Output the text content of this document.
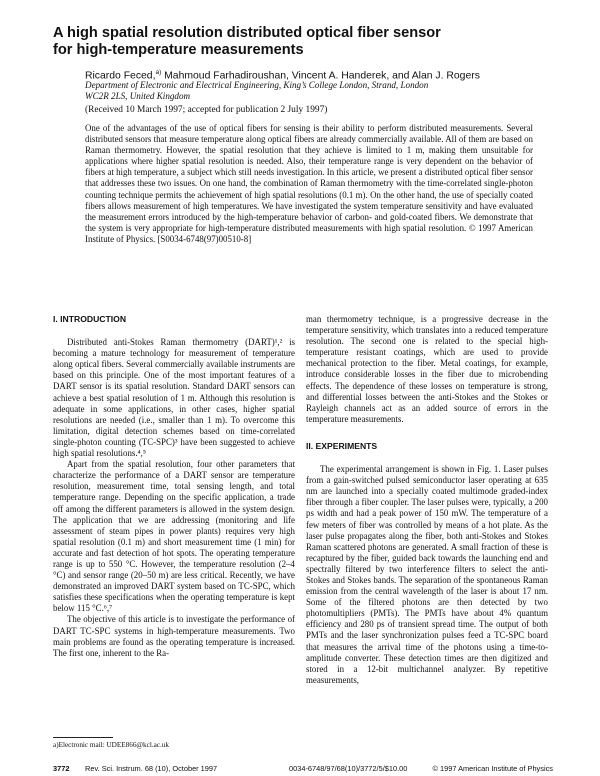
A high spatial resolution distributed optical fiber sensor
for high-temperature measurements
Ricardo Feced,$^{a)}$ Mahmoud Farhadiroushan, Vincent A. Handerek, and Alan J. Rogers
Department of Electronic and Electrical Engineering, King’s College London, Strand, London
WC2R 2LS, United Kingdom
(Received 10 March 1997; accepted for publication 2 July 1997)
One of the advantages of the use of optical fibers for sensing is their ability to perform distributed measurements. Several distributed sensors that measure temperature along optical fibers are already commercially available. All of them are based on Raman thermometry. However, the spatial resolution that they achieve is limited to 1 m, making them unsuitable for applications where higher spatial resolution is needed. Also, their temperature range is very dependent on the behavior of fibers at high temperature, a subject which still needs investigation. In this article, we present a distributed optical fiber sensor that addresses these two issues. On one hand, the combination of Raman thermometry with the time-correlated single-photon counting technique permits the achievement of high spatial resolutions (0.1 m). On the other hand, the use of specially coated fibers allows measurement of high temperatures. We have investigated the system temperature sensitivity and have evaluated the measurement errors introduced by the high-temperature behavior of carbon- and gold-coated fibers. We demonstrate that the system is very appropriate for high-temperature distributed measurements with high spatial resolution. © 1997 American Institute of Physics. [S0034-6748(97)00510-8]
I. INTRODUCTION

Distributed anti-Stokes Raman thermometry (DART)¹,² is becoming a mature technology for measurement of temperature along optical fibers. Several commercially available instruments are based on this principle. One of the most important features of a DART sensor is its spatial resolution. Standard DART sensors can achieve a best spatial resolution of 1 m. Although this resolution is adequate in some applications, in other cases, higher spatial resolutions are needed (i.e., smaller than 1 m). To overcome this limitation, digital detection schemes based on time-correlated single-photon counting (TC-SPC)³ have been suggested to achieve high spatial resolutions.⁴,⁵

Apart from the spatial resolution, four other parameters that characterize the performance of a DART sensor are temperature resolution, measurement time, total sensing length, and total temperature range. Depending on the specific application, a trade off among the different parameters is allowed in the system design. The application that we are addressing (monitoring and life assessment of steam pipes in power plants) requires very high spatial resolution (0.1 m) and short measurement time (1 min) for accurate and fast detection of hot spots. The operating temperature range is up to 550 °C. However, the temperature resolution (2–4 °C) and sensor range (20–50 m) are less critical. Recently, we have demonstrated an improved DART system based on TC-SPC, which satisfies these specifications when the operating temperature is kept below 115 °C.⁶,⁷

The objective of this article is to investigate the performance of DART TC-SPC systems in high-temperature measurements. Two main problems are found as the operating temperature is increased. The first one, inherent to the Ra-

man thermometry technique, is a progressive decrease in the temperature sensitivity, which translates into a reduced temperature resolution. The second one is related to the special high-temperature resistant coatings, which are used to provide mechanical protection to the fiber. Metal coatings, for example, introduce considerable losses in the fiber due to microbending effects. The dependence of these losses on temperature is strong, and differential losses between the anti-Stokes and the Stokes or Rayleigh channels act as an added source of errors in the temperature measurements.

II. EXPERIMENTS

The experimental arrangement is shown in Fig. 1. Laser pulses from a gain-switched pulsed semiconductor laser operating at 635 nm are launched into a specially coated multimode graded-index fiber through a fiber coupler. The laser pulses were, typically, a 200 ps width and had a peak power of 150 mW. The temperature of a few meters of fiber was controlled by means of a hot plate. As the laser pulse propagates along the fiber, both anti-Stokes and Stokes Raman scattered photons are generated. A small fraction of these is recaptured by the fiber, guided back towards the launching end and spectrally filtered by two interference filters to select the anti-Stokes and Stokes bands. The separation of the spontaneous Raman emission from the central wavelength of the laser is about 17 nm. Some of the filtered photons are then detected by two photomultipliers (PMTs). The PMTs have about 4% quantum efficiency and 280 ps of transient spread time. The output of both PMTs and the laser synchronization pulses feed a TC-SPC board that measures the arrival time of the photons using a time-to-amplitude converter. These detection times are then digitized and stored in a 12-bit multichannel analyzer. By repetitive measurements,

a)Electronic mail: UDEE866@kcl.ac.uk
3772 Rev. Sci. Instrum. 68 (10), October 1997	0034-6748/97/68(10)/3772/5/$10.00	© 1997 American Institute of Physics
